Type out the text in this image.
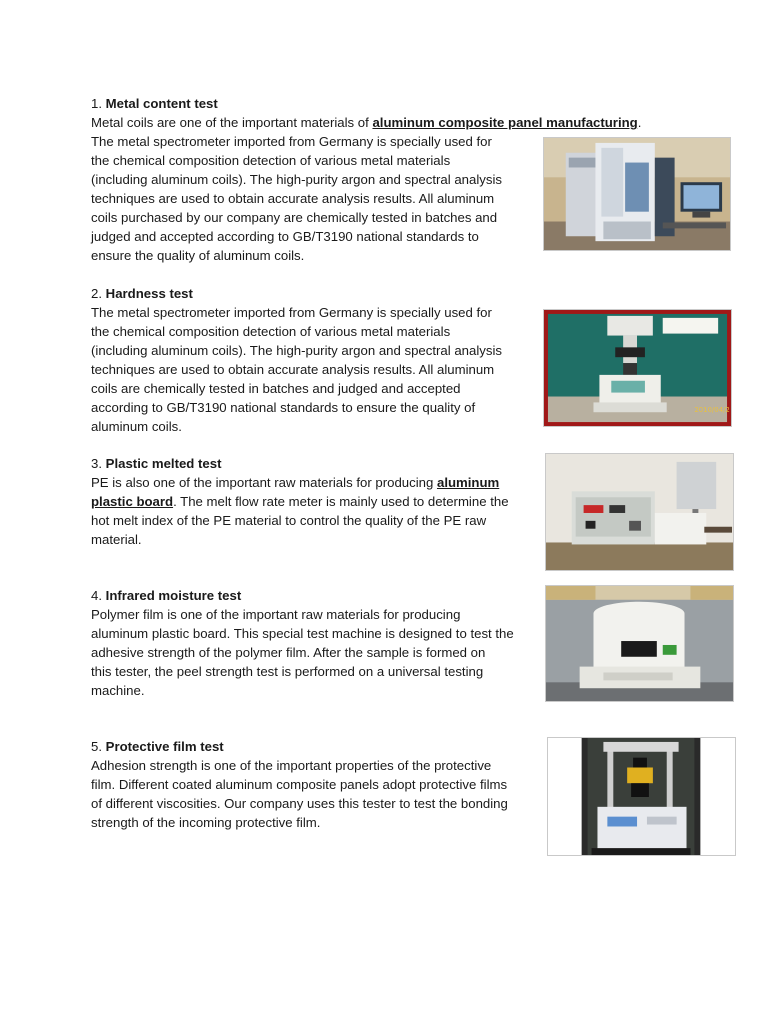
1. Metal content test

Metal coils are one of the important materials of aluminum composite panel manufacturing.

The metal spectrometer imported from Germany is specially used for

the chemical composition detection of various metal materials

(including aluminum coils). The high-purity argon and spectral analysis

techniques are used to obtain accurate analysis results. All aluminum

coils purchased by our company are chemically tested in batches and

judged and accepted according to GB/T3190 national standards to

ensure the quality of aluminum coils.

2. Hardness test

The metal spectrometer imported from Germany is specially used for

the chemical composition detection of various metal materials

(including aluminum coils). The high-purity argon and spectral analysis

techniques are used to obtain accurate analysis results. All aluminum

coils are chemically tested in batches and judged and accepted

according to GB/T3190 national standards to ensure the quality of

aluminum coils.

3. Plastic melted test

PE is also one of the important raw materials for producing aluminum

plastic board. The melt flow rate meter is mainly used to determine the

hot melt index of the PE material to control the quality of the PE raw

material.

4. Infrared moisture test

Polymer film is one of the important raw materials for producing

aluminum plastic board. This special test machine is designed to test the

adhesive strength of the polymer film. After the sample is formed on

this tester, the peel strength test is performed on a universal testing

machine.

5. Protective film test

Adhesion strength is one of the important properties of the protective

film. Different coated aluminum composite panels adopt protective films

of different viscosities. Our company uses this tester to test the bonding

strength of the incoming protective film.

2010/04/2
